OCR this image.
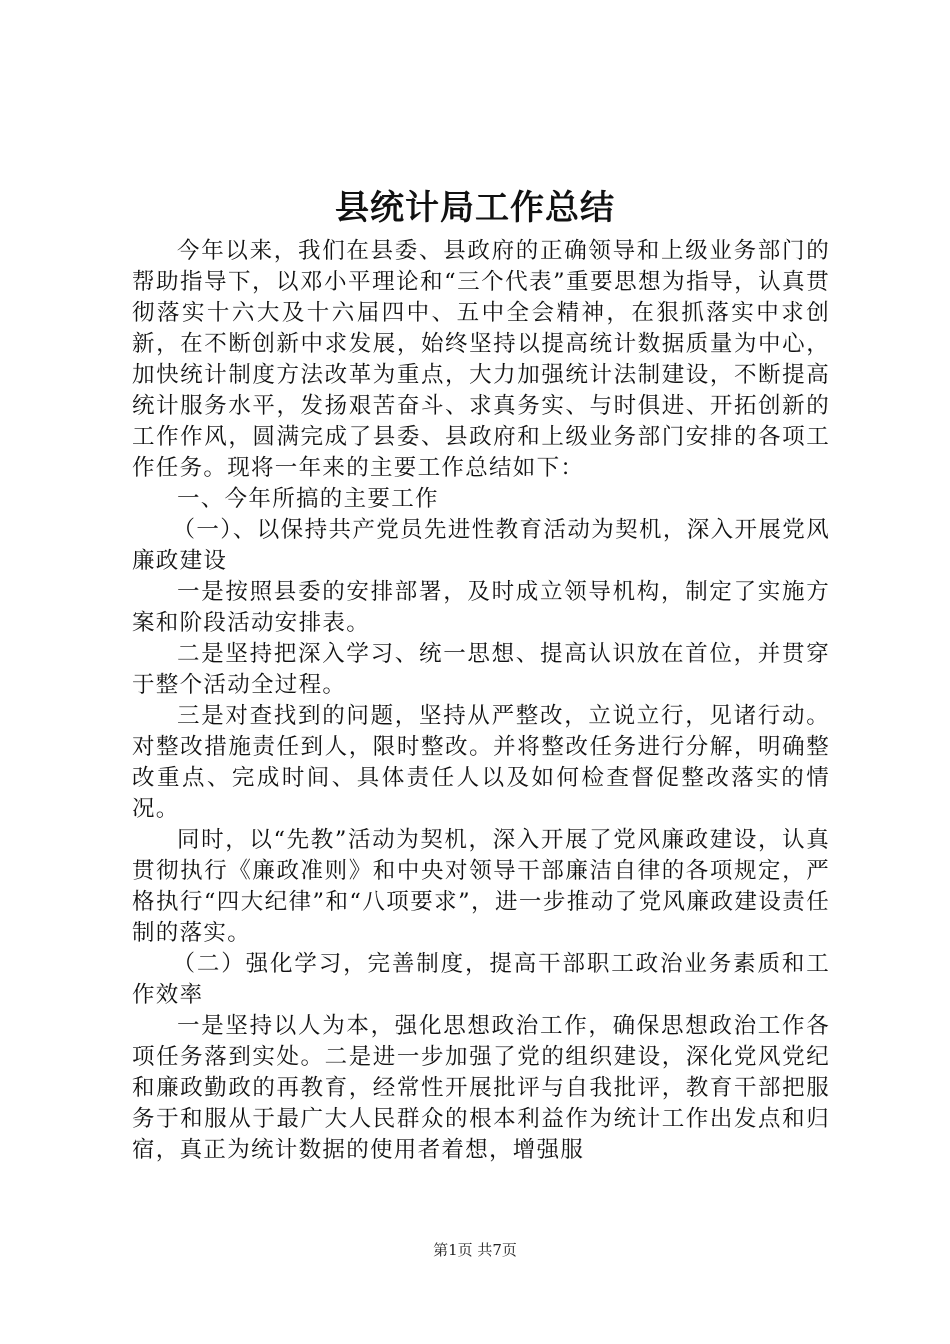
县统计局工作总结

今年以来，我们在县委、县政府的正确领导和上级业务部门的帮助指导下，以邓小平理论和“三个代表”重要思想为指导，认真贯彻落实十六大及十六届四中、五中全会精神，在狠抓落实中求创新，在不断创新中求发展，始终坚持以提高统计数据质量为中心，加快统计制度方法改革为重点，大力加强统计法制建设，不断提高统计服务水平，发扬艰苦奋斗、求真务实、与时俱进、开拓创新的工作作风，圆满完成了县委、县政府和上级业务部门安排的各项工作任务。现将一年来的主要工作总结如下：

一、今年所搞的主要工作

（一）、以保持共产党员先进性教育活动为契机，深入开展党风廉政建设

一是按照县委的安排部署，及时成立领导机构，制定了实施方案和阶段活动安排表。

二是坚持把深入学习、统一思想、提高认识放在首位，并贯穿于整个活动全过程。

三是对查找到的问题，坚持从严整改，立说立行，见诸行动。对整改措施责任到人，限时整改。并将整改任务进行分解，明确整改重点、完成时间、具体责任人以及如何检查督促整改落实的情况。

同时，以“先教”活动为契机，深入开展了党风廉政建设，认真贯彻执行《廉政准则》和中央对领导干部廉洁自律的各项规定，严格执行“四大纪律”和“八项要求”，进一步推动了党风廉政建设责任制的落实。

（二）强化学习，完善制度，提高干部职工政治业务素质和工作效率

一是坚持以人为本，强化思想政治工作，确保思想政治工作各项任务落到实处。二是进一步加强了党的组织建设，深化党风党纪和廉政勤政的再教育，经常性开展批评与自我批评，教育干部把服务于和服从于最广大人民群众的根本利益作为统计工作出发点和归宿，真正为统计数据的使用者着想，增强服

第1页 共7页
